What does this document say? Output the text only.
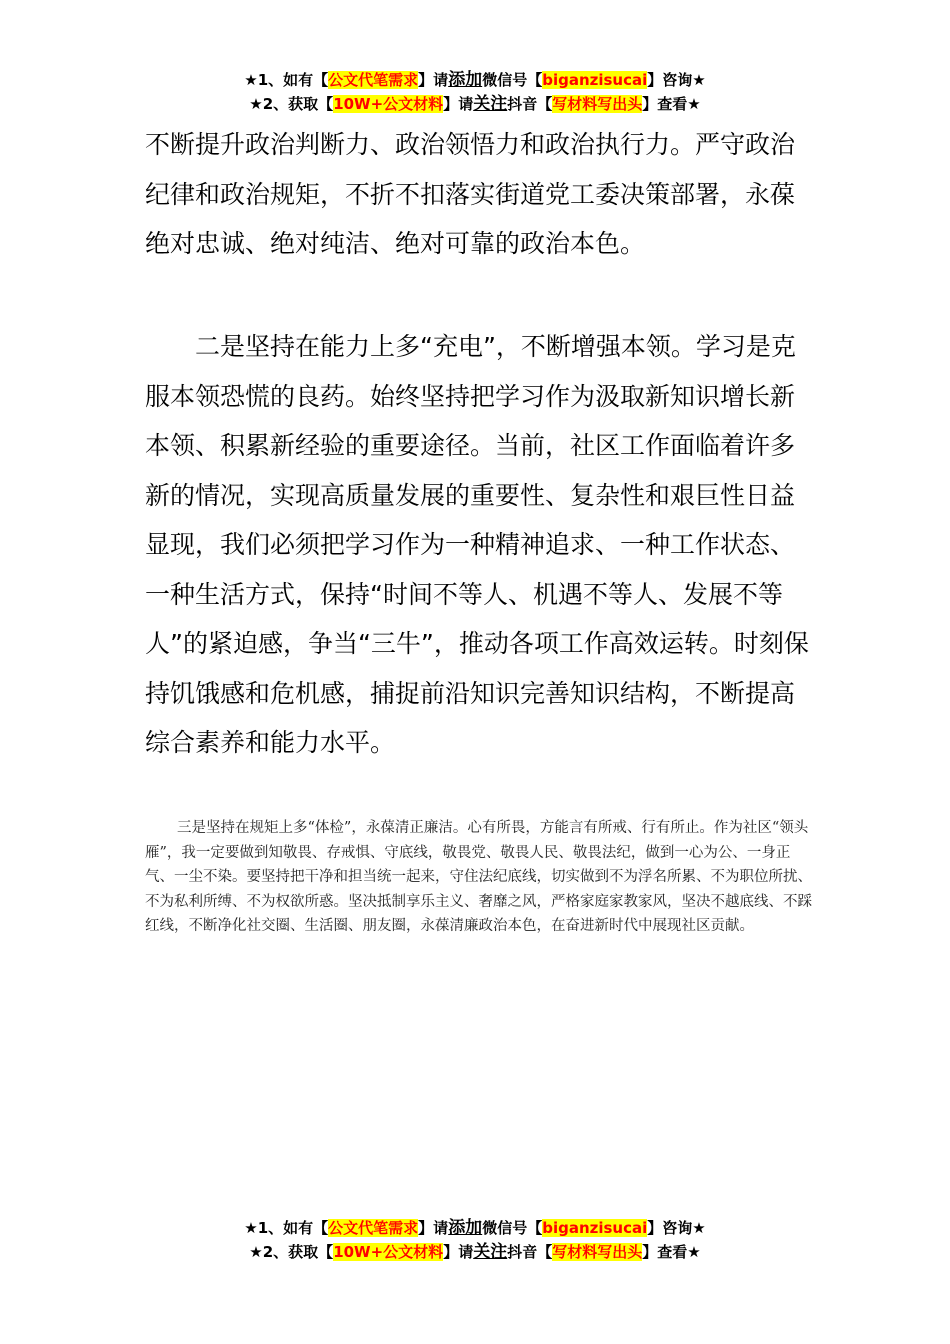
★1、如有【公文代笔需求】请添加微信号【biganzisucai】咨询★
★2、获取【10W+公文材料】请关注抖音【写材料写出头】查看★

不断提升政治判断力、政治领悟力和政治执行力。严守政治纪律和政治规矩，不折不扣落实街道党工委决策部署，永葆绝对忠诚、绝对纯洁、绝对可靠的政治本色。

二是坚持在能力上多“充电”，不断增强本领。学习是克服本领恐慌的良药。始终坚持把学习作为汲取新知识增长新本领、积累新经验的重要途径。当前，社区工作面临着许多新的情况，实现高质量发展的重要性、复杂性和艰巨性日益显现，我们必须把学习作为一种精神追求、一种工作状态、一种生活方式，保持“时间不等人、机遇不等人、发展不等人”的紧迫感，争当“三牛”，推动各项工作高效运转。时刻保持饥饿感和危机感，捕捉前沿知识完善知识结构，不断提高综合素养和能力水平。

三是坚持在规矩上多“体检”，永葆清正廉洁。心有所畏，方能言有所戒、行有所止。作为社区“领头雁”，我一定要做到知敬畏、存戒惧、守底线，敬畏党、敬畏人民、敬畏法纪，做到一心为公、一身正气、一尘不染。要坚持把干净和担当统一起来，守住法纪底线，切实做到不为浮名所累、不为职位所扰、不为私利所缚、不为权欲所惑。坚决抵制享乐主义、奢靡之风，严格家庭家教家风，坚决不越底线、不踩红线，不断净化社交圈、生活圈、朋友圈，永葆清廉政治本色，在奋进新时代中展现社区贡献。

★1、如有【公文代笔需求】请添加微信号【biganzisucai】咨询★
★2、获取【10W+公文材料】请关注抖音【写材料写出头】查看★
